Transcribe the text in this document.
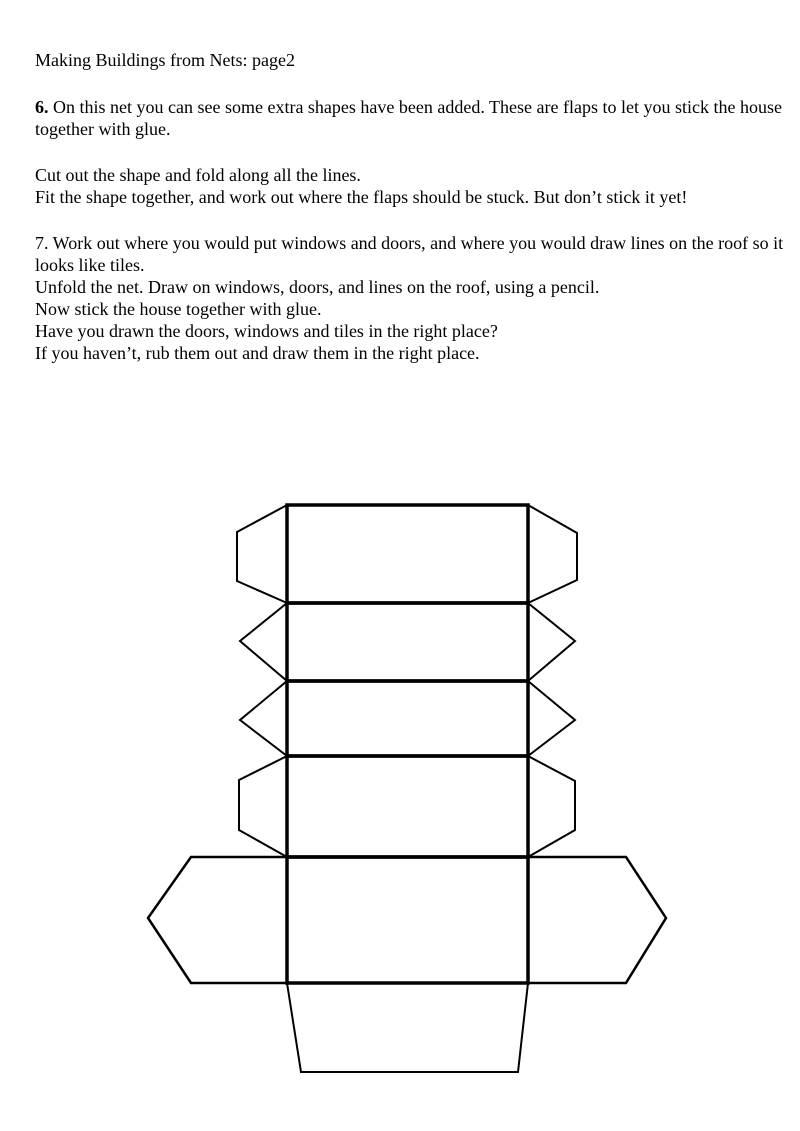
Making Buildings from Nets: page2

6. On this net you can see some extra shapes have been added. These are flaps to let you stick the house together with glue.

Cut out the shape and fold along all the lines.
Fit the shape together, and work out where the flaps should be stuck. But don’t stick it yet!
7. Work out where you would put windows and doors, and where you would draw lines on the roof so it looks like tiles.
Unfold the net. Draw on windows, doors, and lines on the roof, using a pencil.
Now stick the house together with glue.
Have you drawn the doors, windows and tiles in the right place?
If you haven’t, rub them out and draw them in the right place.
